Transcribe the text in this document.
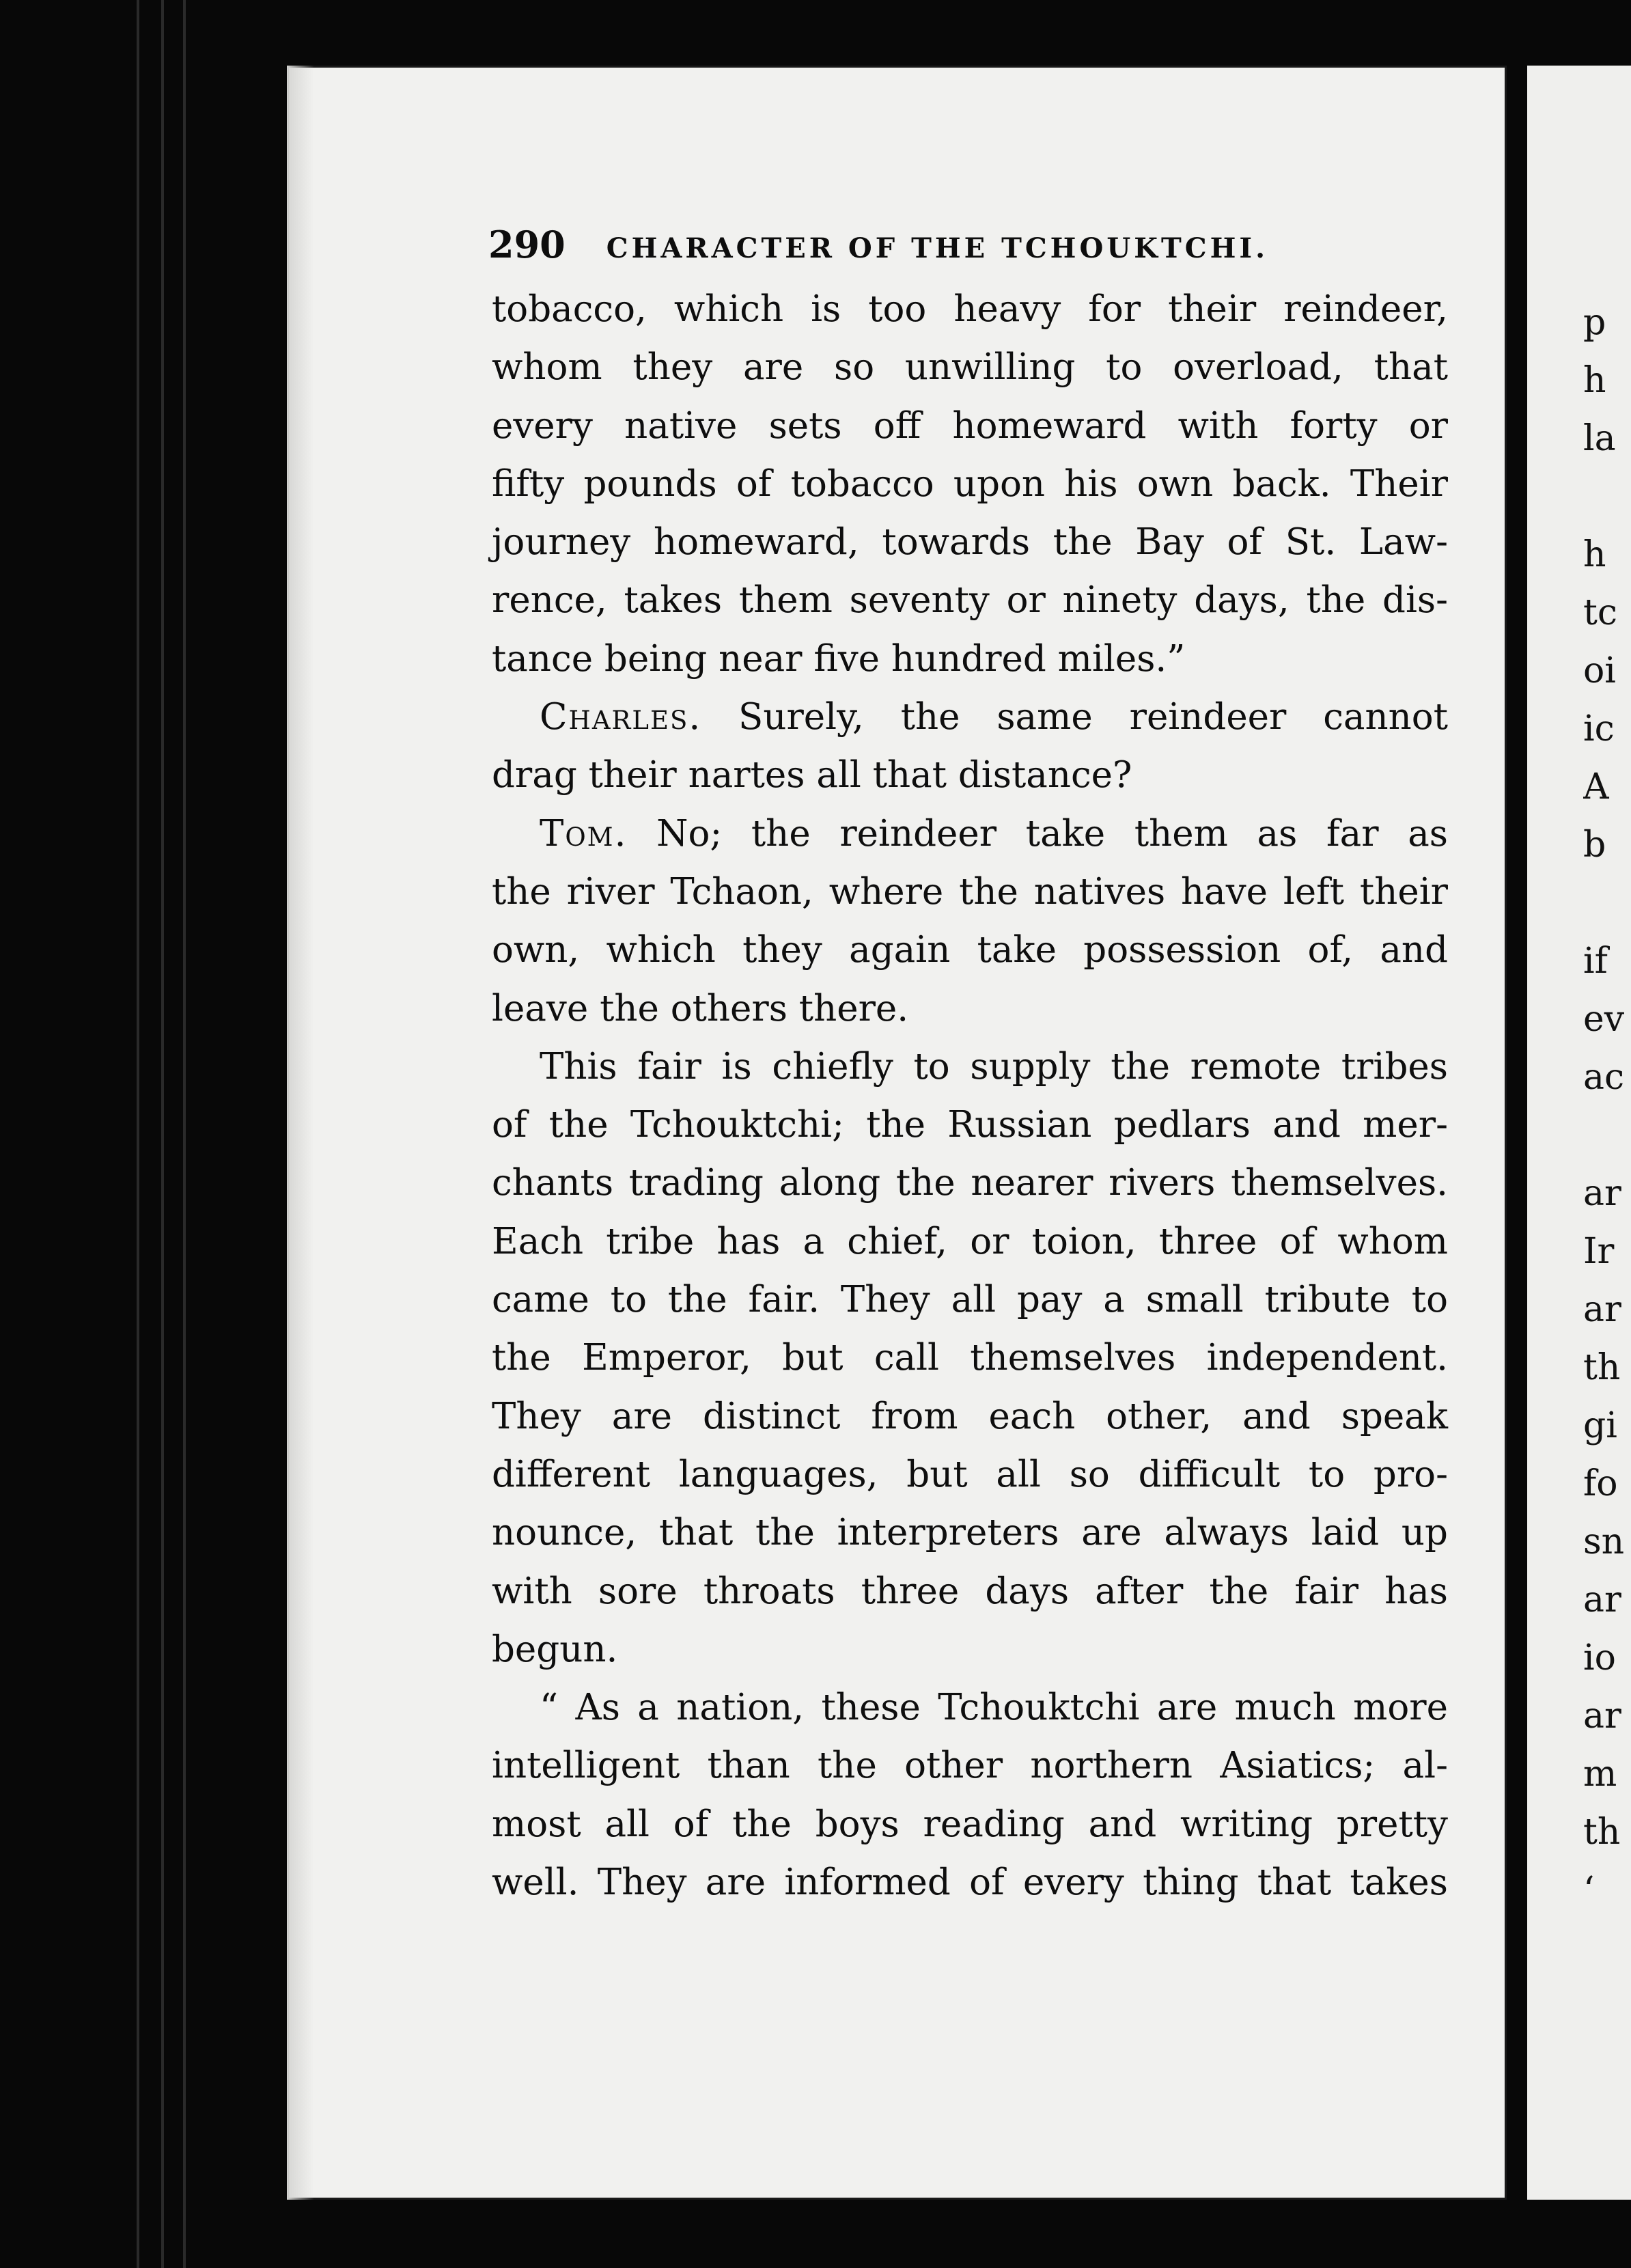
p
h
la
h
tc
oi
ic
A
b
if
ev
ac
ar
Ir
ar
th
gi
fo
sn
ar
io
ar
m
th
‘
290 CHARACTER OF THE TCHOUKTCHI.
tobacco, which is too heavy for their reindeer,
whom they are so unwilling to overload, that
every native sets off homeward with forty or
fifty pounds of tobacco upon his own back. Their
journey homeward, towards the Bay of St. Law-
rence, takes them seventy or ninety days, the dis-
tance being near five hundred miles.”
Charles. Surely, the same reindeer cannot
drag their nartes all that distance?
Tom. No; the reindeer take them as far as
the river Tchaon, where the natives have left their
own, which they again take possession of, and
leave the others there.
This fair is chiefly to supply the remote tribes
of the Tchouktchi; the Russian pedlars and mer-
chants trading along the nearer rivers themselves.
Each tribe has a chief, or toion, three of whom
came to the fair. They all pay a small tribute to
the Emperor, but call themselves independent.
They are distinct from each other, and speak
different languages, but all so difficult to pro-
nounce, that the interpreters are always laid up
with sore throats three days after the fair has
begun.
“ As a nation, these Tchouktchi are much more
intelligent than the other northern Asiatics; al-
most all of the boys reading and writing pretty
well. They are informed of every thing that takes
